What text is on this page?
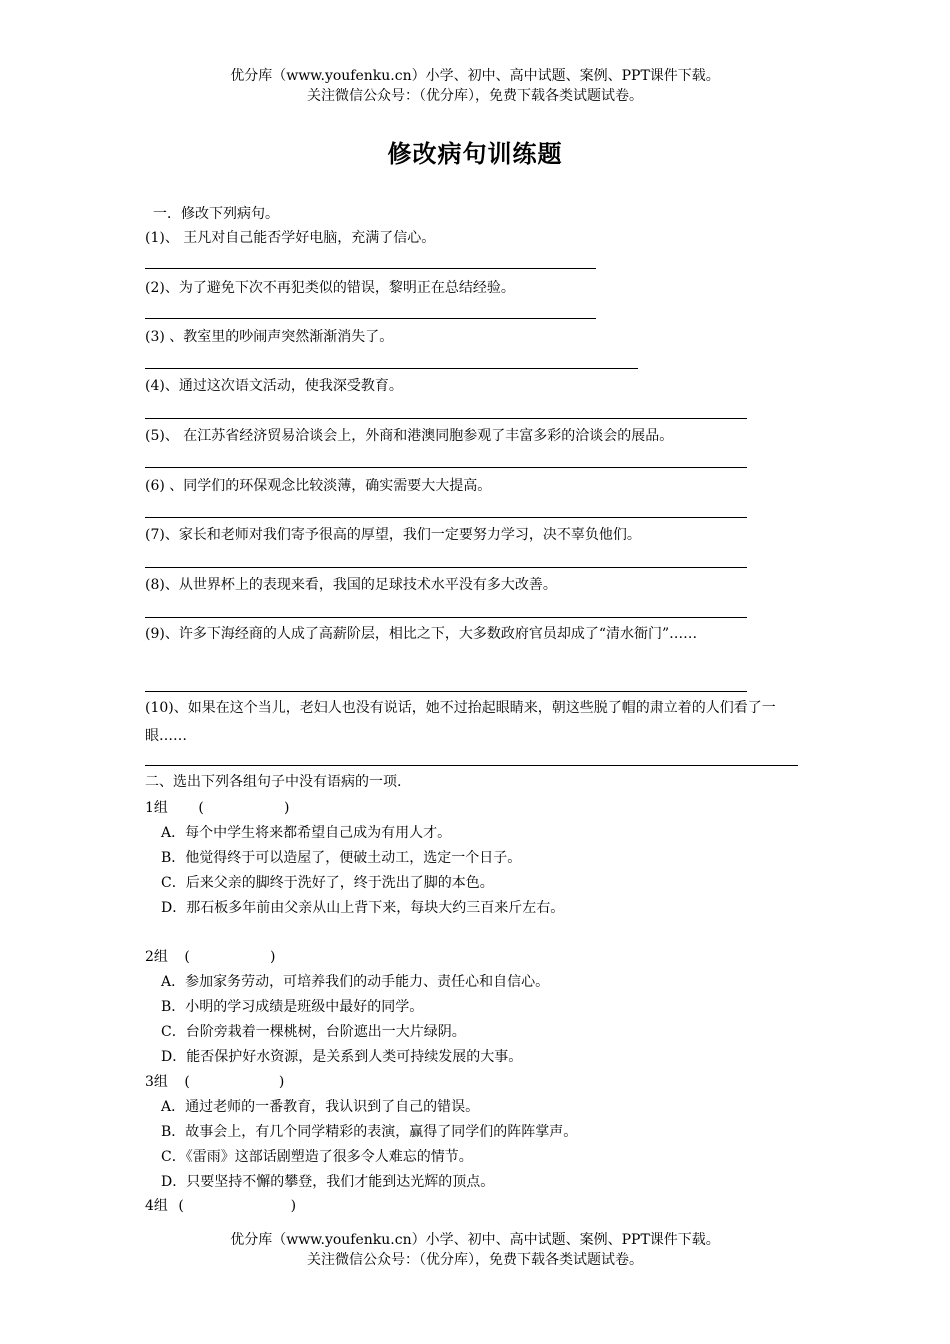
优分库（www.youfenku.cn）小学、初中、高中试题、案例、PPT课件下载。
关注微信公众号：（优分库），免费下载各类试题试卷。
修改病句训练题
一．修改下列病句。
(1)、 王凡对自己能否学好电脑，充满了信心。
(2)、为了避免下次不再犯类似的错误，黎明正在总结经验。
(3) 、教室里的吵闹声突然渐渐消失了。
(4)、通过这次语文活动，使我深受教育。
(5)、 在江苏省经济贸易洽谈会上，外商和港澳同胞参观了丰富多彩的洽谈会的展品。
(6) 、同学们的环保观念比较淡薄，确实需要大大提高。
(7)、家长和老师对我们寄予很高的厚望，我们一定要努力学习，决不辜负他们。
(8)、从世界杯上的表现来看，我国的足球技术水平没有多大改善。
(9)、许多下海经商的人成了高薪阶层，相比之下，大多数政府官员却成了“清水衙门”……
(10)、如果在这个当儿，老妇人也没有说话，她不过抬起眼睛来，朝这些脱了帽的肃立着的人们看了一眼……
二、选出下列各组句子中没有语病的一项.
1组 (                  )
A．每个中学生将来都希望自己成为有用人才。
B．他觉得终于可以造屋了，便破土动工，选定一个日子。
C．后来父亲的脚终于洗好了，终于洗出了脚的本色。
D．那石板多年前由父亲从山上背下来，每块大约三百来斤左右。
2组 (                  )
A．参加家务劳动，可培养我们的动手能力、责任心和自信心。
B．小明的学习成绩是班级中最好的同学。
C．台阶旁栽着一棵桃树，台阶遮出一大片绿阴。
D．能否保护好水资源，是关系到人类可持续发展的大事。
3组 (                    )
A．通过老师的一番教育，我认识到了自己的错误。
B．故事会上，有几个同学精彩的表演，赢得了同学们的阵阵掌声。
C．《雷雨》这部话剧塑造了很多令人难忘的情节。
D．只要坚持不懈的攀登，我们才能到达光辉的顶点。
4组 (                        )
优分库（www.youfenku.cn）小学、初中、高中试题、案例、PPT课件下载。
关注微信公众号：（优分库），免费下载各类试题试卷。
